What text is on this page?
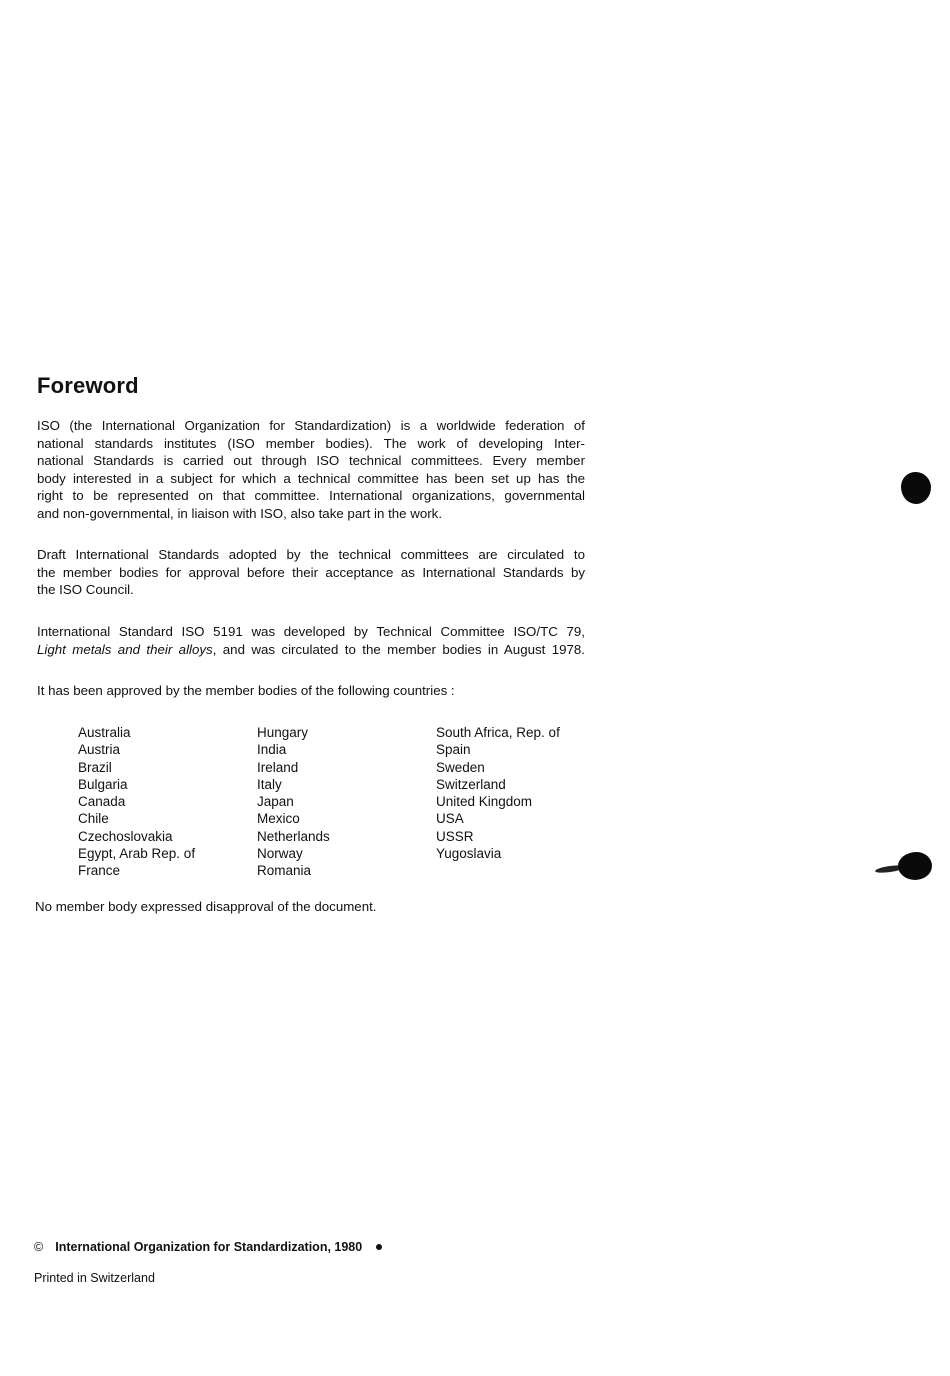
Foreword
ISO (the International Organization for Standardization) is a worldwide federation of
national standards institutes (ISO member bodies). The work of developing Inter-
national Standards is carried out through ISO technical committees. Every member
body interested in a subject for which a technical committee has been set up has the
right to be represented on that committee. International organizations, governmental
and non-governmental, in liaison with ISO, also take part in the work.
Draft International Standards adopted by the technical committees are circulated to
the member bodies for approval before their acceptance as International Standards by
the ISO Council.
International Standard ISO 5191 was developed by Technical Committee ISO/TC 79,
Light metals and their alloys, and was circulated to the member bodies in August 1978.
It has been approved by the member bodies of the following countries :
Australia
Austria
Brazil
Bulgaria
Canada
Chile
Czechoslovakia
Egypt, Arab Rep. of
France
Hungary
India
Ireland
Italy
Japan
Mexico
Netherlands
Norway
Romania
South Africa, Rep. of
Spain
Sweden
Switzerland
United Kingdom
USA
USSR
Yugoslavia
No member body expressed disapproval of the document.
© International Organization for Standardization, 1980
Printed in Switzerland
